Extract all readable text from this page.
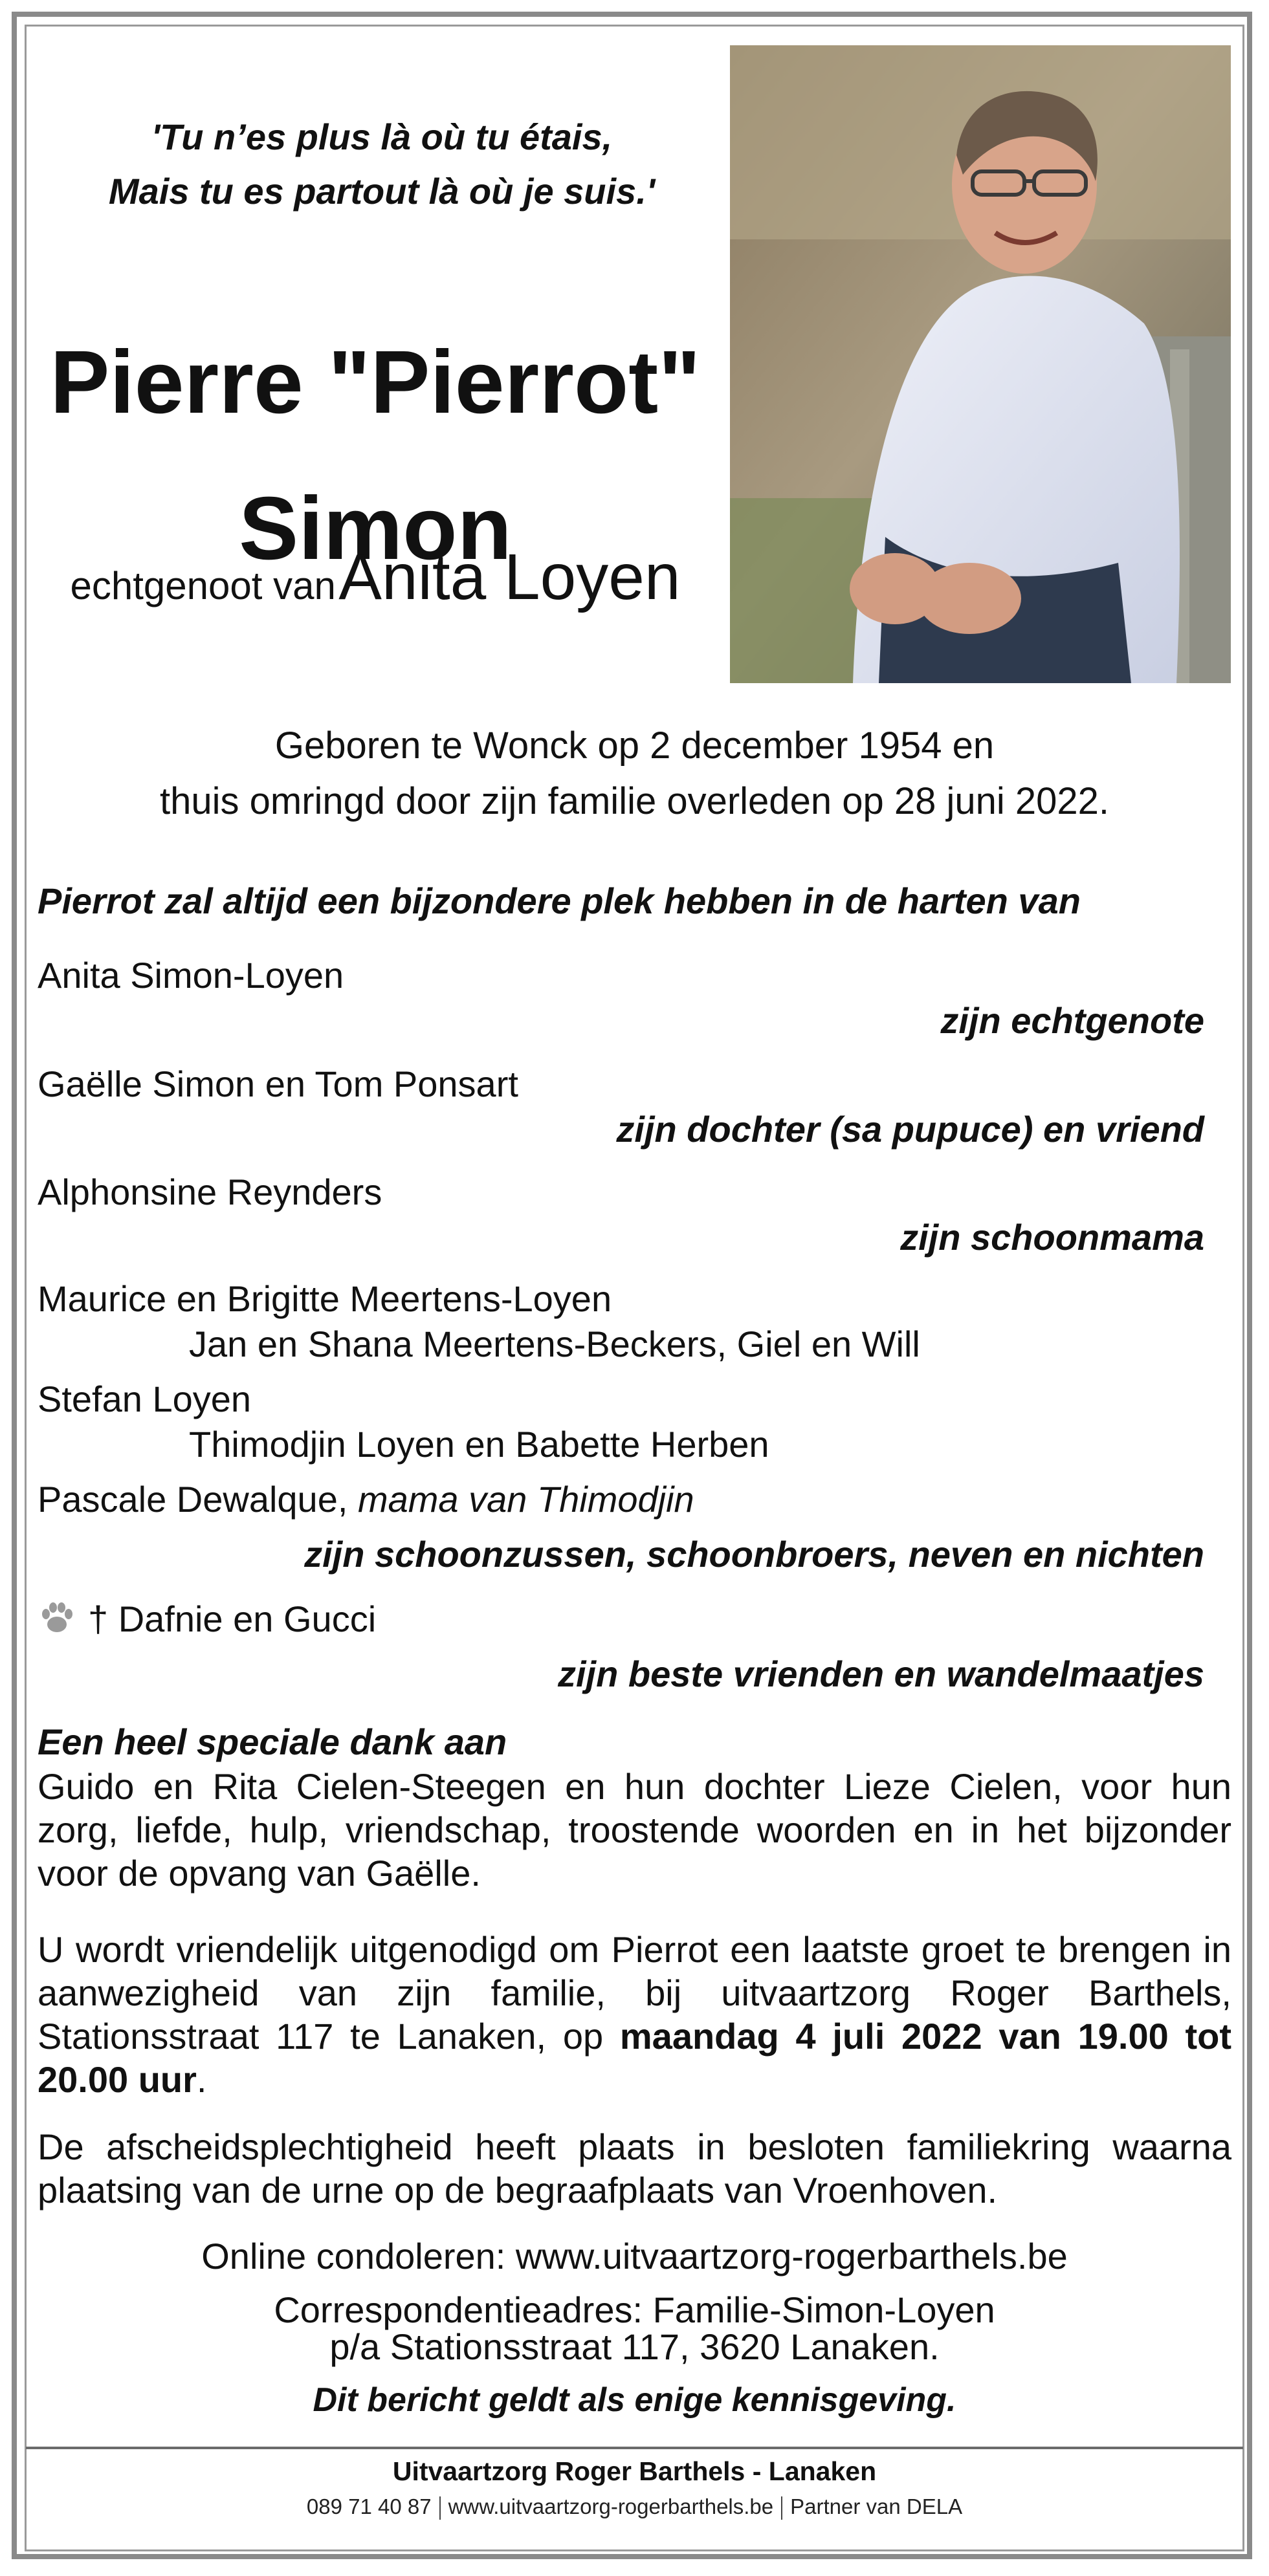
'Tu n’es plus là où tu étais,
Mais tu es partout là où je suis.'
Pierre "Pierrot"
Simon
echtgenoot van Anita Loyen
Geboren te Wonck op 2 december 1954 en
thuis omringd door zijn familie overleden op 28 juni 2022.
Pierrot zal altijd een bijzondere plek hebben in de harten van
Anita Simon-Loyen
zijn echtgenote
Gaëlle Simon en Tom Ponsart
zijn dochter (sa pupuce) en vriend
Alphonsine Reynders
zijn schoonmama
Maurice en Brigitte Meertens-Loyen
Jan en Shana Meertens-Beckers, Giel en Will
Stefan Loyen
Thimodjin Loyen en Babette Herben
Pascale Dewalque, mama van Thimodjin
zijn schoonzussen, schoonbroers, neven en nichten
† Dafnie en Gucci
zijn beste vrienden en wandelmaatjes
Een heel speciale dank aan
Guido en Rita Cielen-Steegen en hun dochter Lieze Cielen, voor hun zorg, liefde, hulp, vriendschap, troostende woorden en in het bijzonder voor de opvang van Gaëlle.
U wordt vriendelijk uitgenodigd om Pierrot een laatste groet te brengen in aanwezigheid van zijn familie, bij uitvaartzorg Roger Barthels, Stationsstraat 117 te Lanaken, op maandag 4 juli 2022 van 19.00 tot 20.00 uur.
De afscheidsplechtigheid heeft plaats in besloten familiekring waarna plaatsing van de urne op de begraafplaats van Vroenhoven.
Online condoleren: www.uitvaartzorg-rogerbarthels.be
Correspondentieadres: Familie-Simon-Loyen
p/a Stationsstraat 117, 3620 Lanaken.
Dit bericht geldt als enige kennisgeving.
Uitvaartzorg Roger Barthels - Lanaken
089 71 40 87 www.uitvaartzorg-rogerbarthels.be Partner van DELA
